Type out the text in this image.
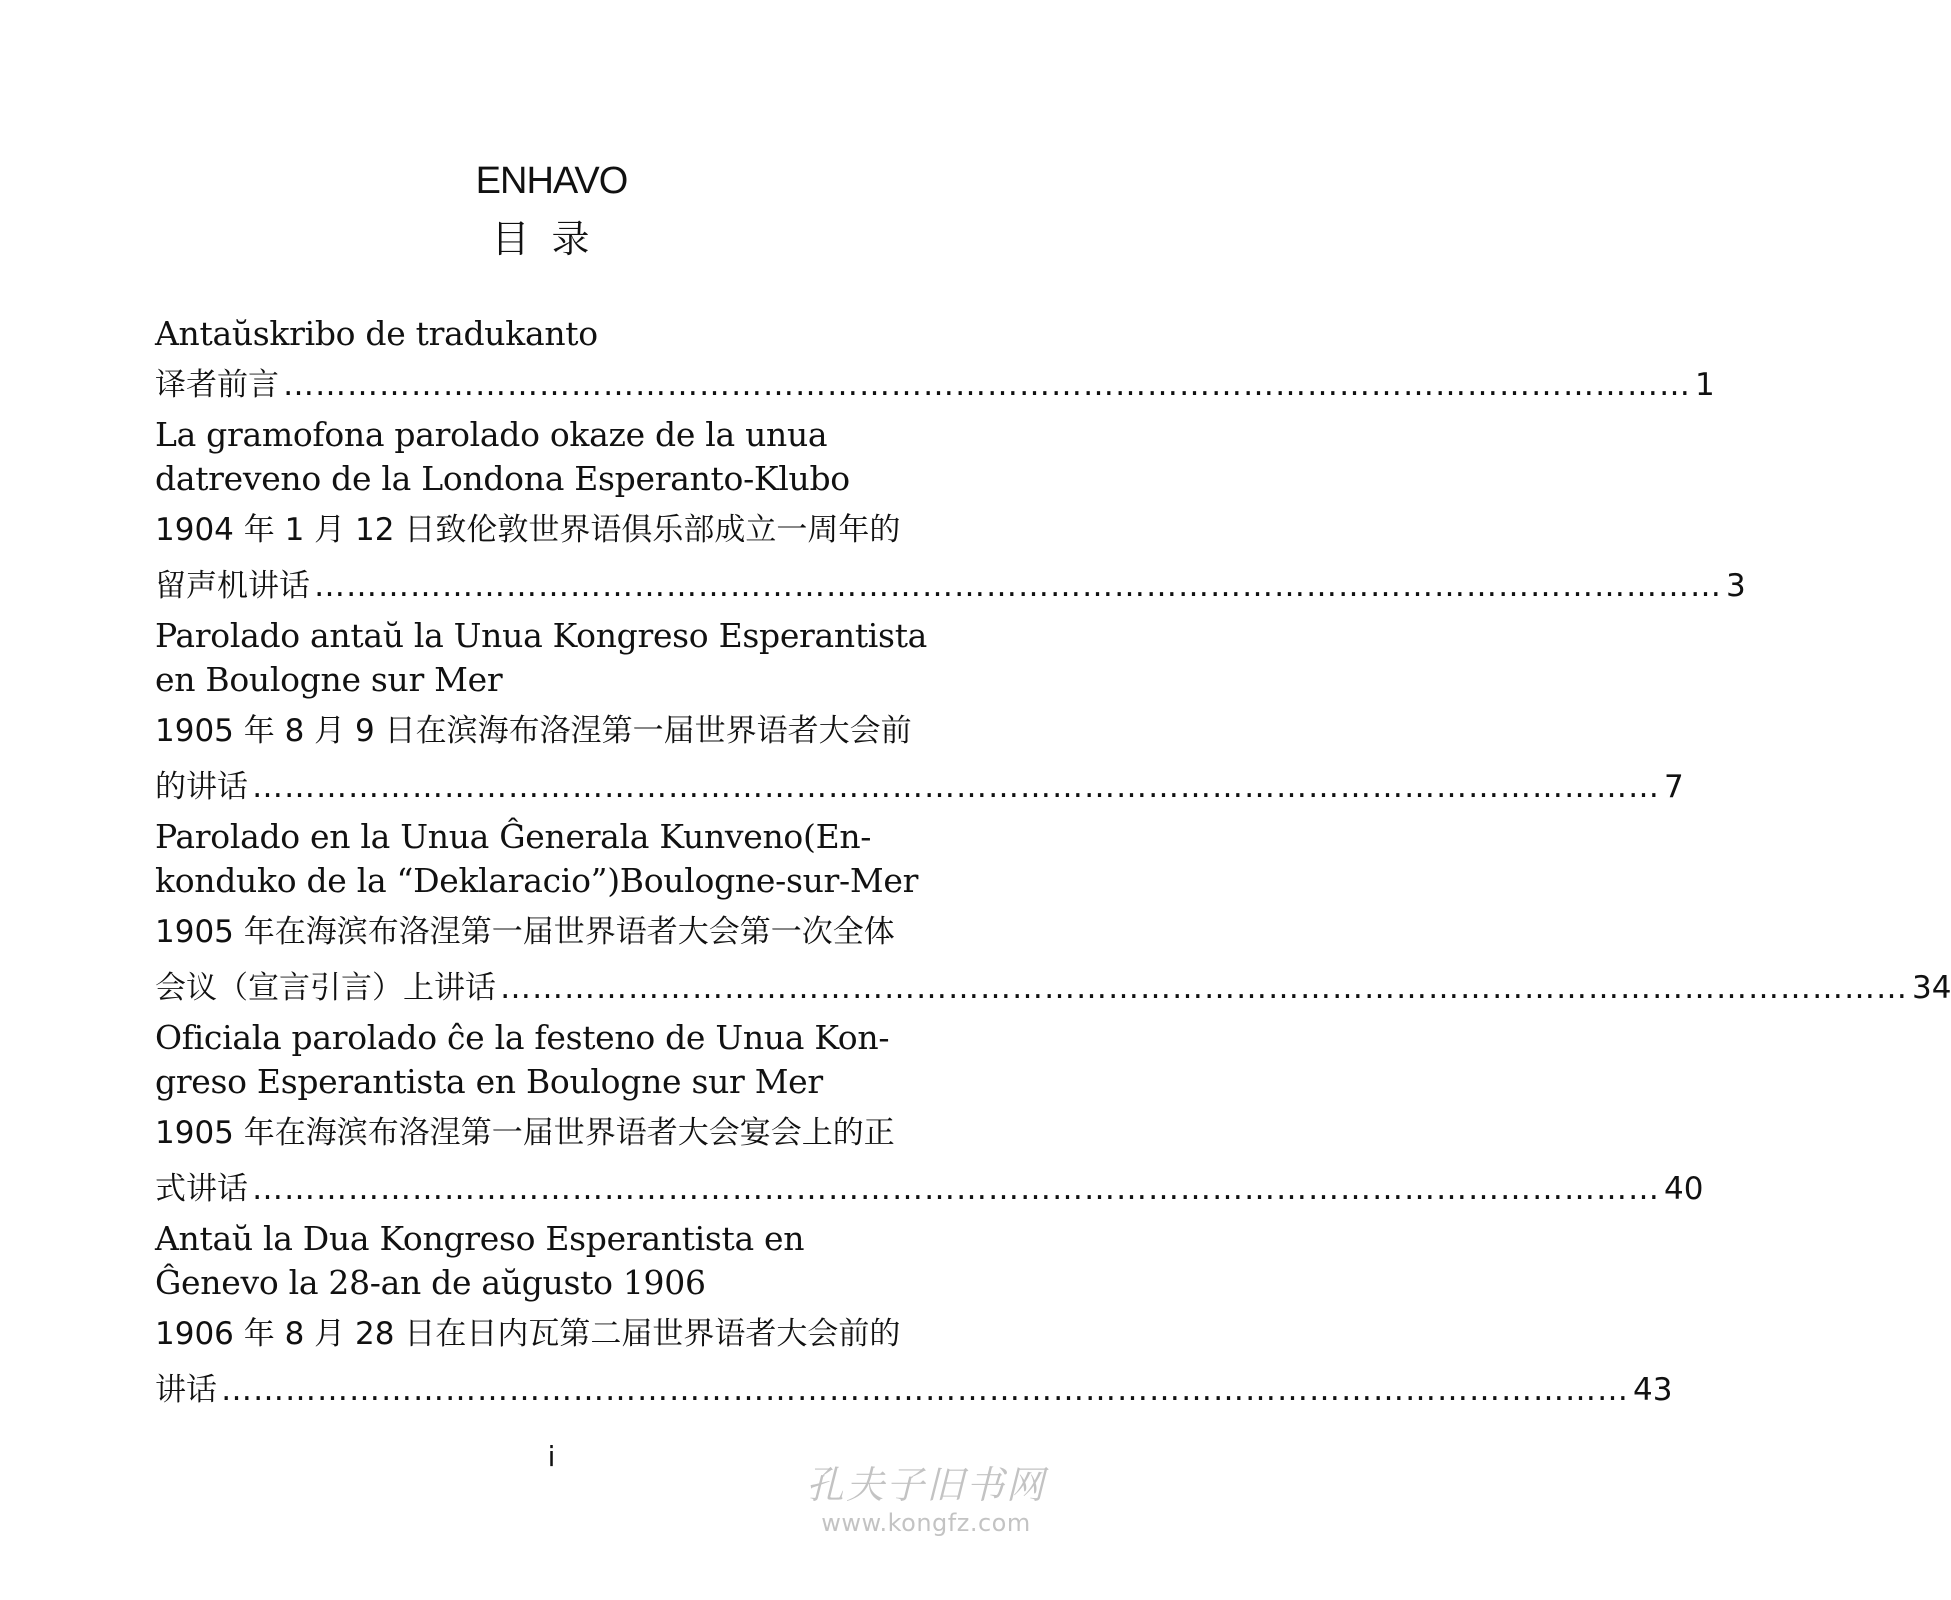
ENHAVO
目录
Antaŭskribo de tradukanto
译者前言 …………………………………………………………………………………………………………………… 1
La gramofona parolado okaze de la unua
datreveno de la Londona Esperanto-Klubo
1904 年 1 月 12 日致伦敦世界语俱乐部成立一周年的
留声机讲话 …………………………………………………………………………………………………………………… 3
Parolado antaŭ la Unua Kongreso Esperantista
en Boulogne sur Mer
1905 年 8 月 9 日在滨海布洛涅第一届世界语者大会前
的讲话 …………………………………………………………………………………………………………………… 7
Parolado en la Unua Ĝenerala Kunveno(En-
konduko de la “Deklaracio”)Boulogne-sur-Mer
1905 年在海滨布洛涅第一届世界语者大会第一次全体
会议（宣言引言）上讲话 …………………………………………………………………………………………………………………… 34
Oficiala parolado ĉe la festeno de Unua Kon-
greso Esperantista en Boulogne sur Mer
1905 年在海滨布洛涅第一届世界语者大会宴会上的正
式讲话 …………………………………………………………………………………………………………………… 40
Antaŭ la Dua Kongreso Esperantista en
Ĝenevo la 28-an de aŭgusto 1906
1906 年 8 月 28 日在日内瓦第二届世界语者大会前的
讲话 …………………………………………………………………………………………………………………… 43
i
孔夫子旧书网
www.kongfz.com
